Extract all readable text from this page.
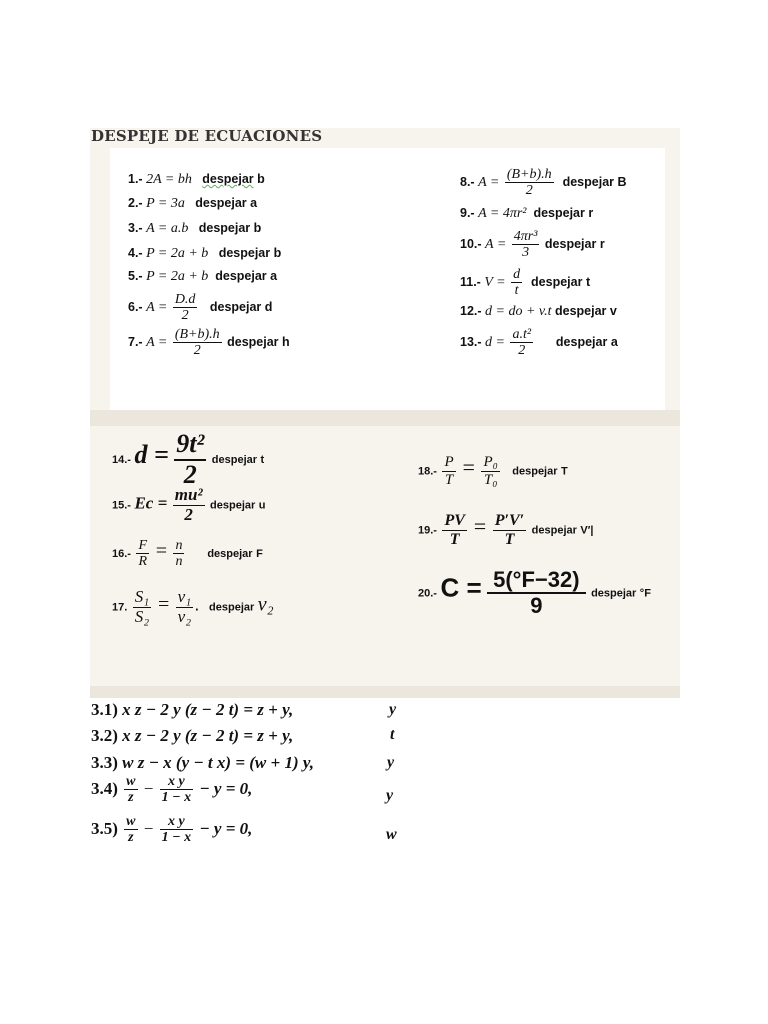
DESPEJE DE ECUACIONES
1.- 2A = bh despejar b
2.- P = 3a despejar a
3.- A = a.b despejar b
4.- P = 2a + b despejar b
5.- P = 2a + b despejar a
6.- $A = \frac{D.d}{2}$ despejar d
7.- $A = \frac{(B+b).h}{2}$ despejar h
8.- $A = \frac{(B+b).h}{2}$ despejar B
9.- A = 4πr² despejar r
10.- $A = \frac{\text{4πr³}}{3}$ despejar r
11.- $V = \frac{d}{t}$ despejar t
12.- d = do + v.t despejar v
13.- $d = \frac{\text{a.t²}}{2}$ despejar a
14.- $d = \frac{\text{9t²}}{2}$ despejar t
15.- $Ec = \frac{\text{mu²}}{2}$ despejar u
$16.- \frac{F}{R} = \frac{n}{n}$ despejar F
17. $\frac{\text{S₁}}{\text{S₂}} = \frac{\text{v₁}}{\text{v₂}}$ .   despejar v₂
$18.- \frac{P}{T} = \frac{\text{P₀}}{\text{T₀}}$ despejar T
$19.- \frac{PV}{T} = \frac{P'V'}{T}$ despejar V′|
20.- $C = \frac{5(^\circ F-32)}{9}$ despejar °F
3.1) x z − 2 y (z − 2 t) = z + y,	y
3.2) x z − 2 y (z − 2 t) = z + y,	t
3.3) w z − x (y − t x) = (w + 1) y,	y
$3.4) \frac{w}{z} - \frac{\text{x y}}{1 - x} - y = 0$,	y
$3.5) \frac{w}{z} - \frac{\text{x y}}{1 - x} - y = 0$,	w
